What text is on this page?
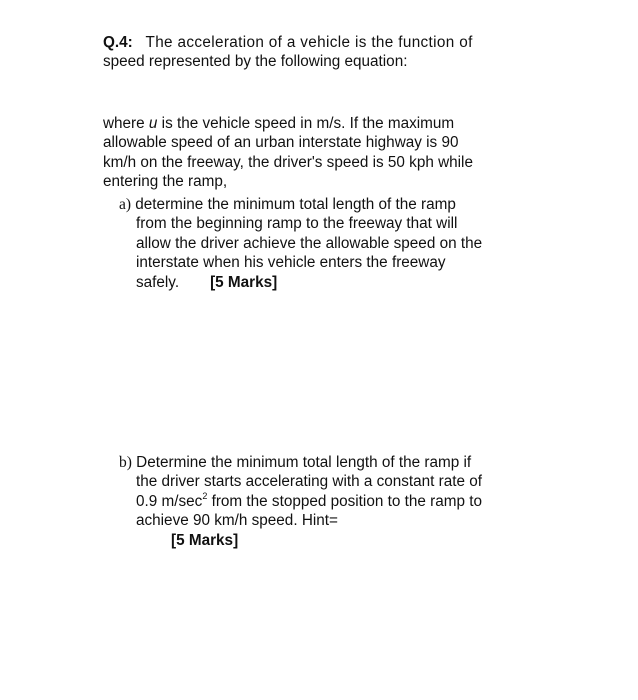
Q.4: The acceleration of a vehicle is the function of
speed represented by the following equation:
where u is the vehicle speed in m/s. If the maximum
allowable speed of an urban interstate highway is 90
km/h on the freeway, the driver's speed is 50 kph while
entering the ramp,
a) determine the minimum total length of the ramp
from the beginning ramp to the freeway that will
allow the driver achieve the allowable speed on the
interstate when his vehicle enters the freeway
safely. [5 Marks]
b) Determine the minimum total length of the ramp if
the driver starts accelerating with a constant rate of
0.9 $m/\sec^2$ from the stopped position to the ramp to
achieve 90 km/h speed. Hint=
[5 Marks]
